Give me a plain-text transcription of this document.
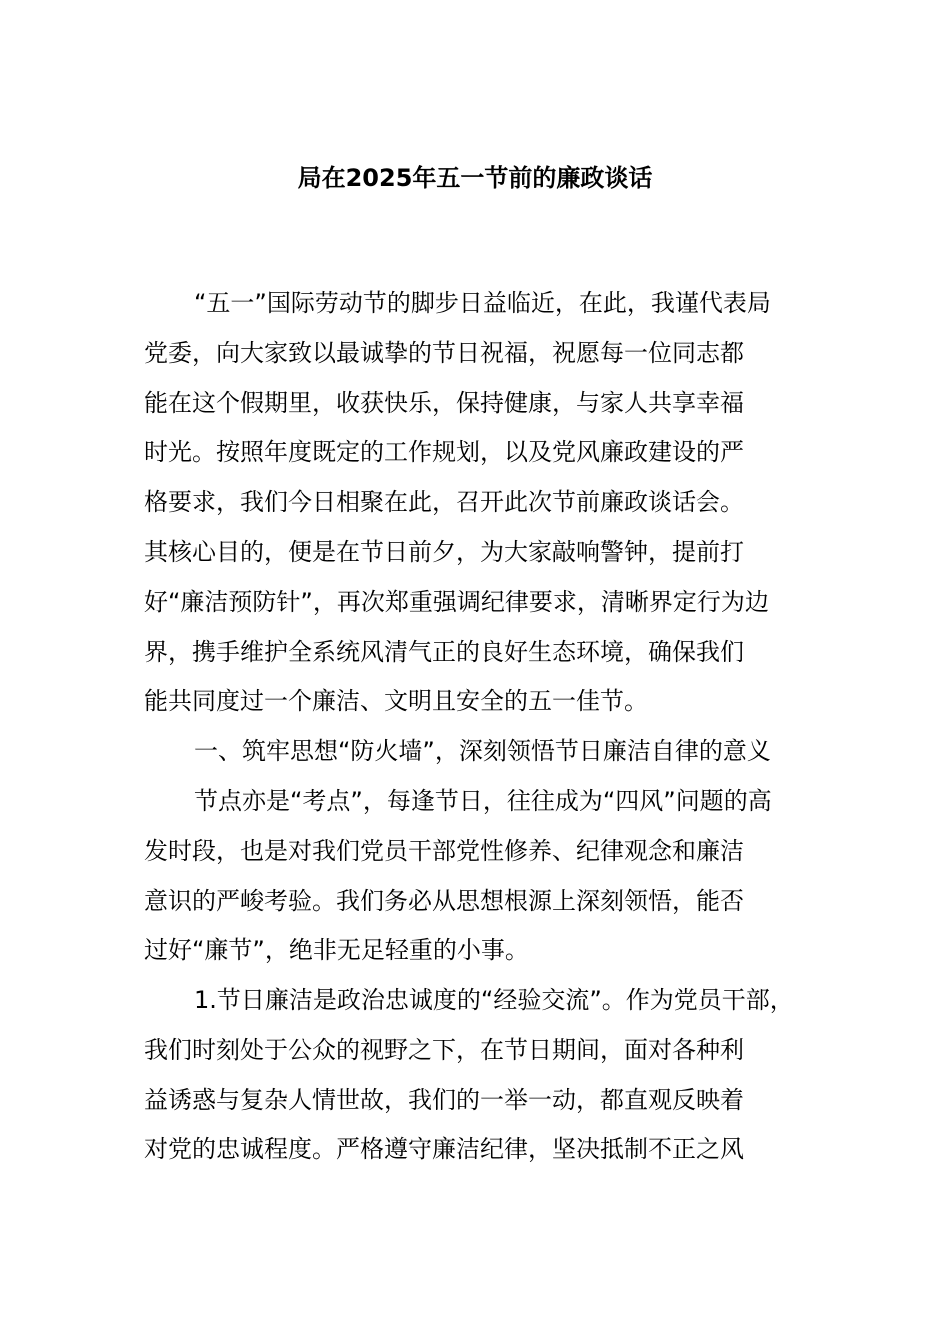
局在2025年五一节前的廉政谈话
“五一”国际劳动节的脚步日益临近，在此，我谨代表局
党委，向大家致以最诚挚的节日祝福，祝愿每一位同志都
能在这个假期里，收获快乐，保持健康，与家人共享幸福
时光。按照年度既定的工作规划，以及党风廉政建设的严
格要求，我们今日相聚在此，召开此次节前廉政谈话会。
其核心目的，便是在节日前夕，为大家敲响警钟，提前打
好“廉洁预防针”，再次郑重强调纪律要求，清晰界定行为边
界，携手维护全系统风清气正的良好生态环境，确保我们
能共同度过一个廉洁、文明且安全的五一佳节。
一、筑牢思想“防火墙”，深刻领悟节日廉洁自律的意义
节点亦是“考点”，每逢节日，往往成为“四风”问题的高
发时段，也是对我们党员干部党性修养、纪律观念和廉洁
意识的严峻考验。我们务必从思想根源上深刻领悟，能否
过好“廉节”，绝非无足轻重的小事。
1.节日廉洁是政治忠诚度的“经验交流”。作为党员干部，
我们时刻处于公众的视野之下，在节日期间，面对各种利
益诱惑与复杂人情世故，我们的一举一动，都直观反映着
对党的忠诚程度。严格遵守廉洁纪律，坚决抵制不正之风
